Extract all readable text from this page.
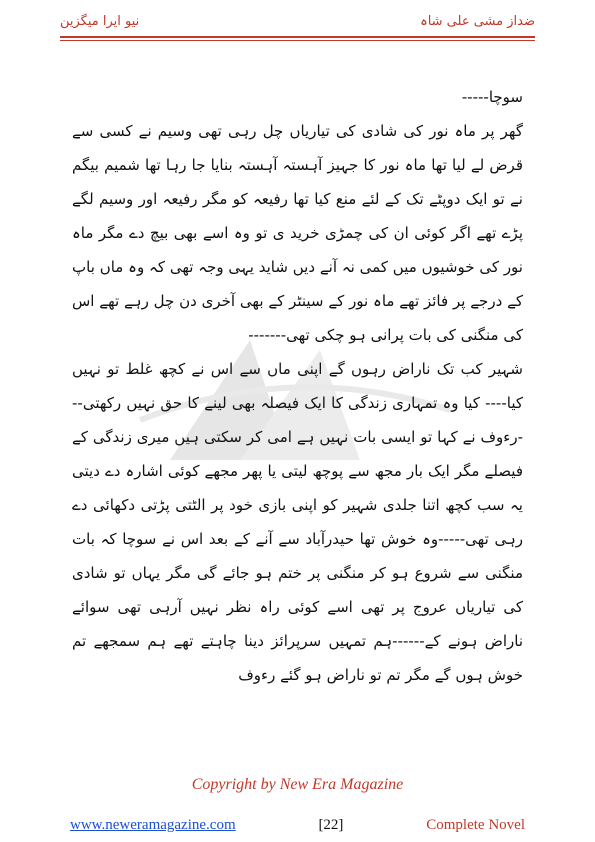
نیو ایرا میگزین	ضداز مشی علی شاہ

سوچا-----

گھر پر ماہ نور کی شادی کی تیاریاں چل رہی تھی وسیم نے کسی سے قرض لے لیا تھا ماہ نور کا جہیز آہستہ آہستہ بنایا جا رہا تھا شمیم بیگم نے تو ایک دوپٹے تک کے لئے منع کیا تھا رفیعہ کو مگر رفیعہ اور وسیم لگے پڑے تھے اگر کوئی ان کی چمڑی خرید ی تو وہ اسے بھی بیچ دے مگر ماہ نور کی خوشیوں میں کمی نہ آنے دیں شاید یہی وجہ تھی کہ وہ ماں باپ کے درجے پر فائز تھے ماہ نور کے سینٹر کے بھی آخری دن چل رہے تھے اس کی منگنی کی بات پرانی ہو چکی تھی-------

شہیر کب تک ناراض رہوں گے اپنی ماں سے اس نے کچھ غلط تو نہیں کیا---- کیا وہ تمہاری زندگی کا ایک فیصلہ بھی لینے کا حق نہیں رکھتی---رءوف نے کہا تو ایسی بات نہیں ہے امی کر سکتی ہیں میری زندگی کے فیصلے مگر ایک بار مجھ سے پوچھ لیتی یا پھر مجھے کوئی اشارہ دے دیتی یہ سب کچھ اتنا جلدی شہیر کو اپنی بازی خود پر الٹتی پڑتی دکھائی دے رہی تھی-----وہ خوش تھا حیدرآباد سے آنے کے بعد اس نے سوچا کہ بات منگنی سے شروع ہو کر منگنی پر ختم ہو جائے گی مگر یہاں تو شادی کی تیاریاں عروج پر تھی اسے کوئی راہ نظر نہیں آرہی تھی سوائے ناراض ہونے کے------ہم تمہیں سرپرائز دینا چاہتے تھے ہم سمجھے تم خوش ہوں گے مگر تم تو ناراض ہو گئے رءوف

Copyright by New Era Magazine
www.neweramagazine.com	[22]	Complete Novel
